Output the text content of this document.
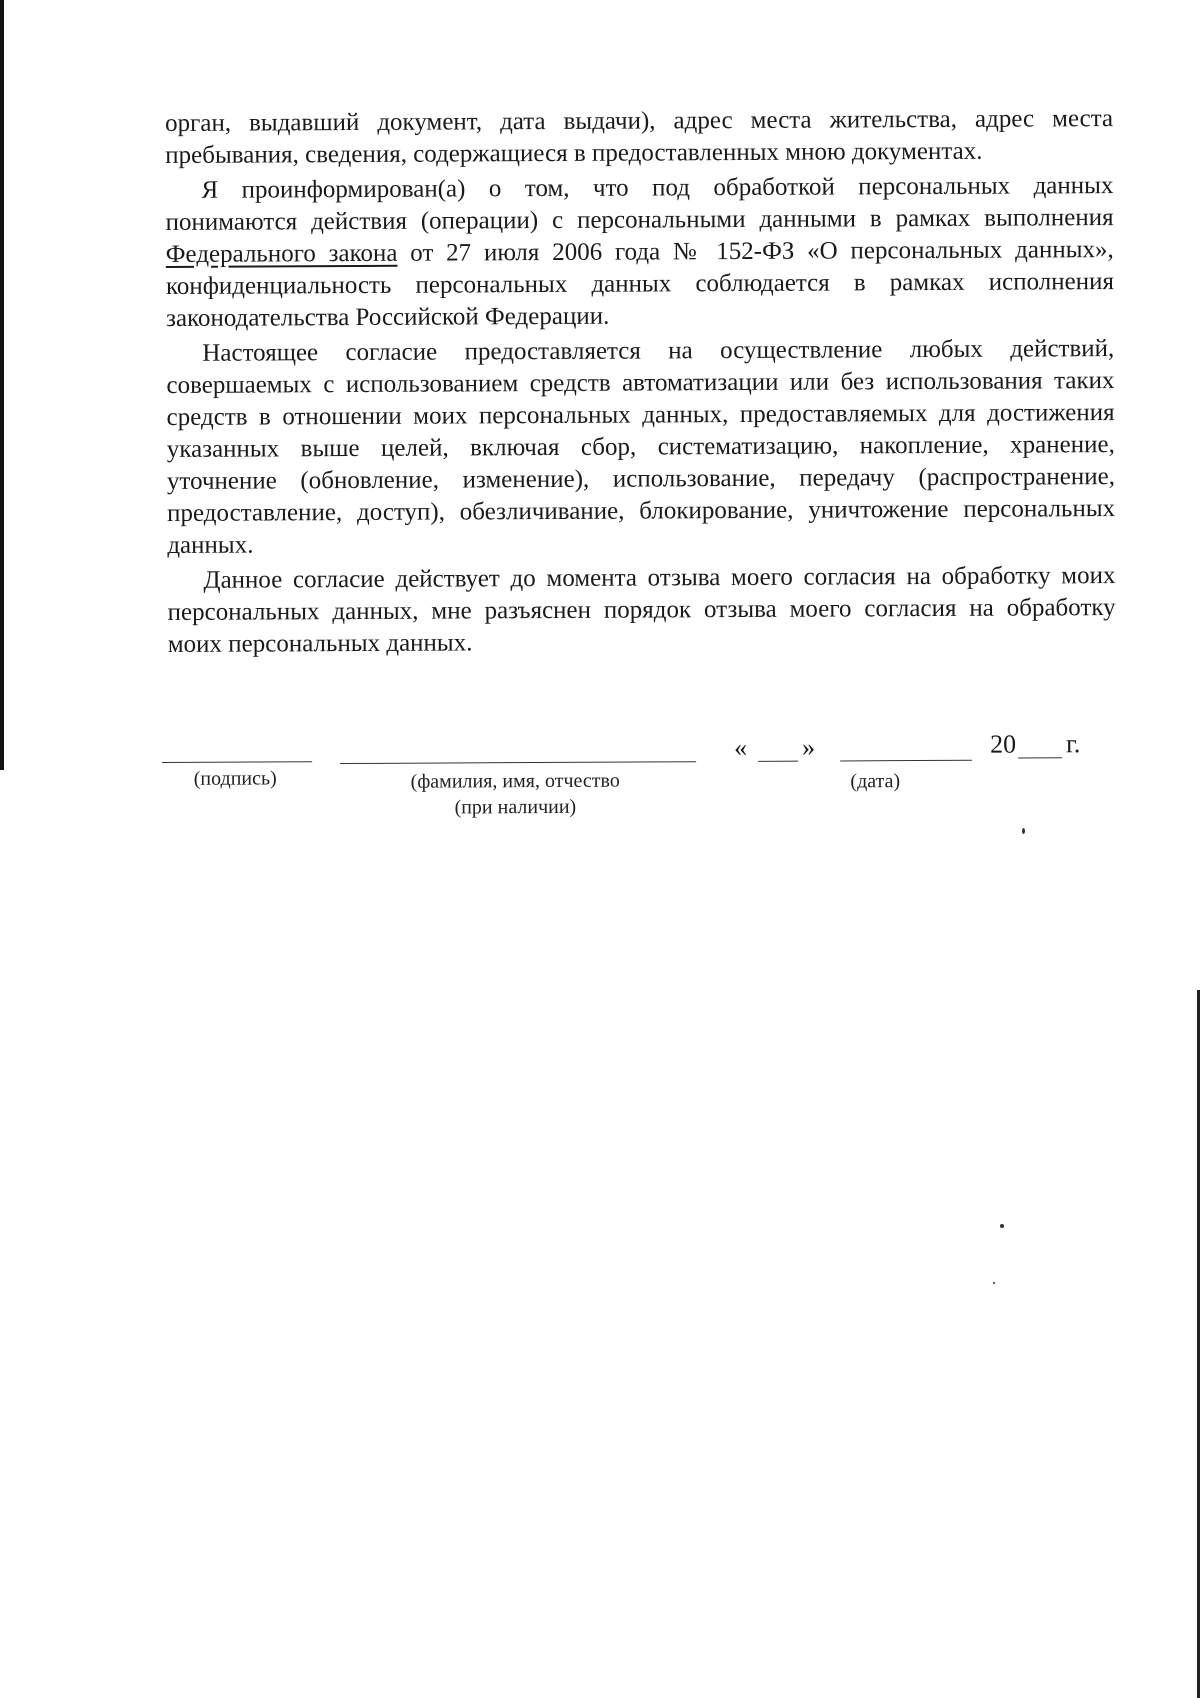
орган, выдавший документ, дата выдачи), адрес места жительства, адрес места пребывания, сведения, содержащиеся в предоставленных мною документах.

Я проинформирован(а) о том, что под обработкой персональных данных понимаются действия (операции) с персональными данными в рамках выполнения Федерального закона от 27 июля 2006 года № 152-ФЗ «О персональных данных», конфиденциальность персональных данных соблюдается в рамках исполнения законодательства Российской Федерации.

Настоящее согласие предоставляется на осуществление любых действий, совершаемых с использованием средств автоматизации или без использования таких средств в отношении моих персональных данных, предоставляемых для достижения указанных выше целей, включая сбор, систематизацию, накопление, хранение, уточнение (обновление, изменение), использование, передачу (распространение, предоставление, доступ), обезличивание, блокирование, уничтожение персональных данных.

Данное согласие действует до момента отзыва моего согласия на обработку моих персональных данных, мне разъяснен порядок отзыва моего согласия на обработку моих персональных данных.

(подпись)	(фамилия, имя, отчество
(при наличии)
« »
(дата)
20 г.
